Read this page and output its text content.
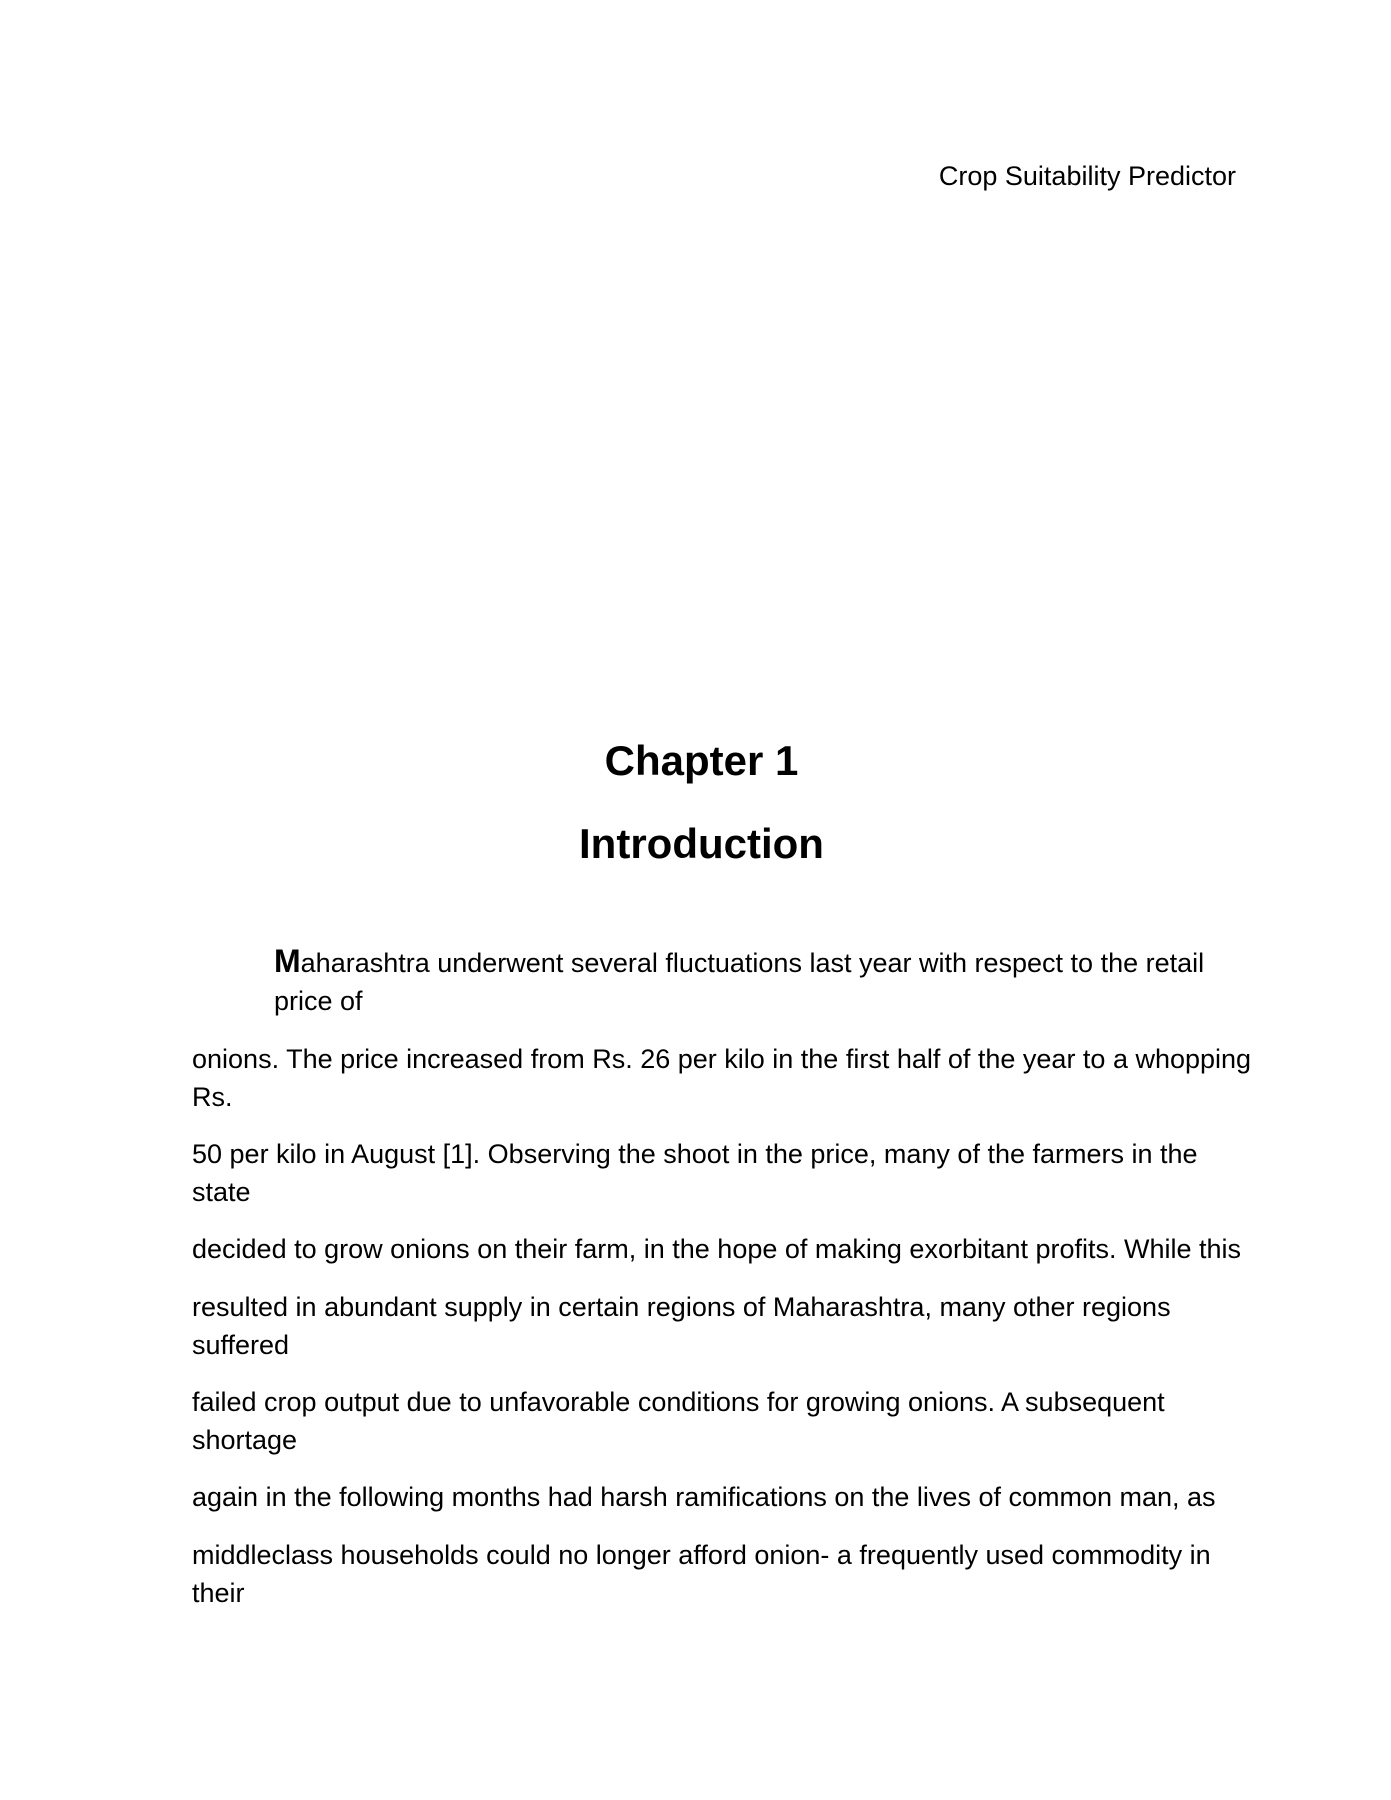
Crop Suitability Predictor
Chapter 1
Introduction
Maharashtra underwent several fluctuations last year with respect to the retail price of
onions. The price increased from Rs. 26 per kilo in the first half of the year to a whopping Rs.
50 per kilo in August [1]. Observing the shoot in the price, many of the farmers in the state
decided to grow onions on their farm, in the hope of making exorbitant profits. While this
resulted in abundant supply in certain regions of Maharashtra, many other regions suffered
failed crop output due to unfavorable conditions for growing onions. A subsequent shortage
again in the following months had harsh ramifications on the lives of common man, as
middleclass households could no longer afford onion- a frequently used commodity in their
